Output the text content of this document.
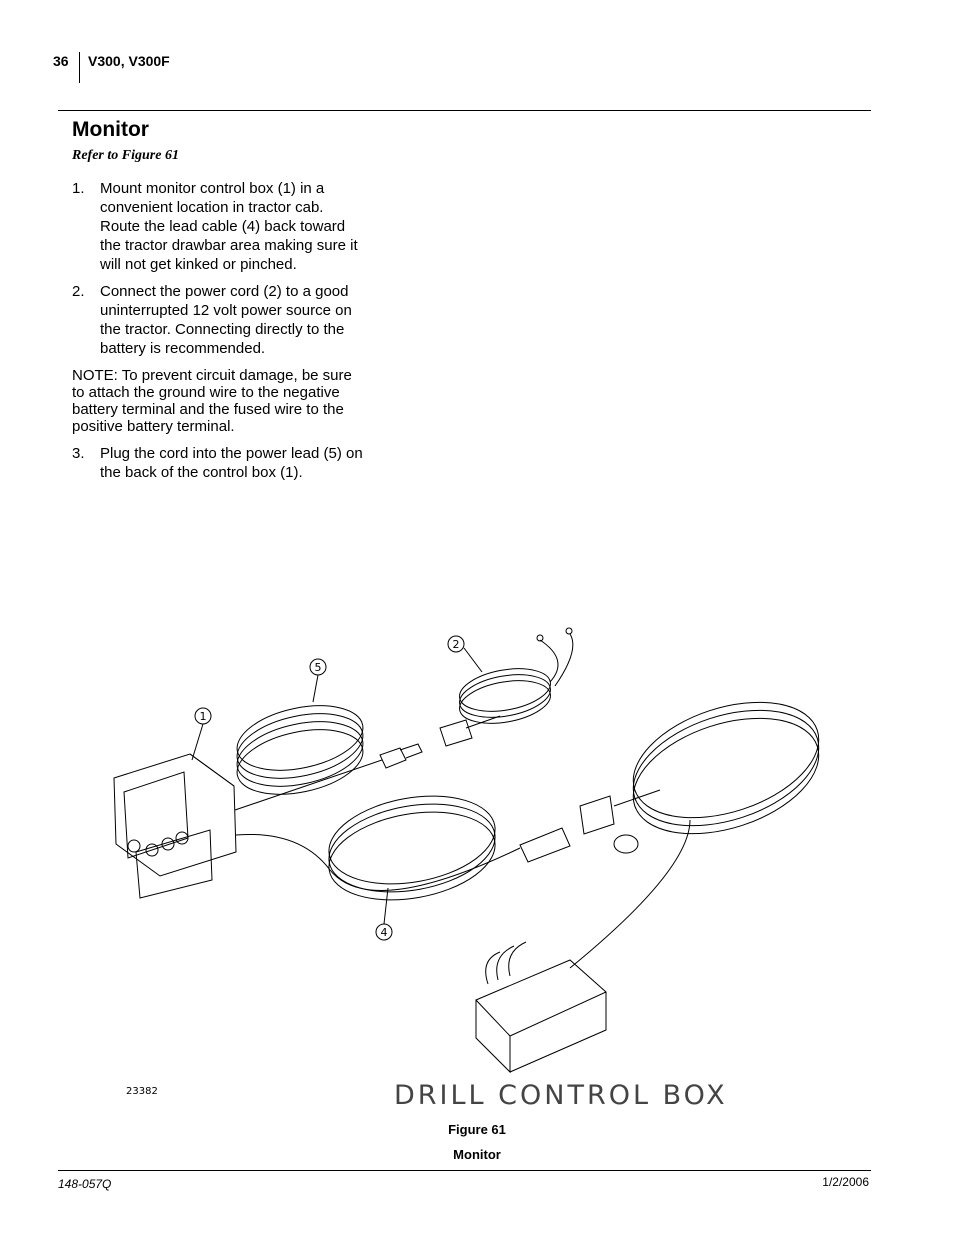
36 V300, V300F
Monitor
Refer to Figure 61
1. Mount monitor control box (1) in a convenient location in tractor cab. Route the lead cable (4) back toward the tractor drawbar area making sure it will not get kinked or pinched.
2. Connect the power cord (2) to a good uninterrupted 12 volt power source on the tractor. Connecting directly to the battery is recommended.
NOTE: To prevent circuit damage, be sure to attach the ground wire to the negative battery terminal and the fused wire to the positive battery terminal.
3. Plug the cord into the power lead (5) on the back of the control box (1).
1
5
2
4
23382	DRILL CONTROL BOX
Figure 61
Monitor
148-057Q	1/2/2006
